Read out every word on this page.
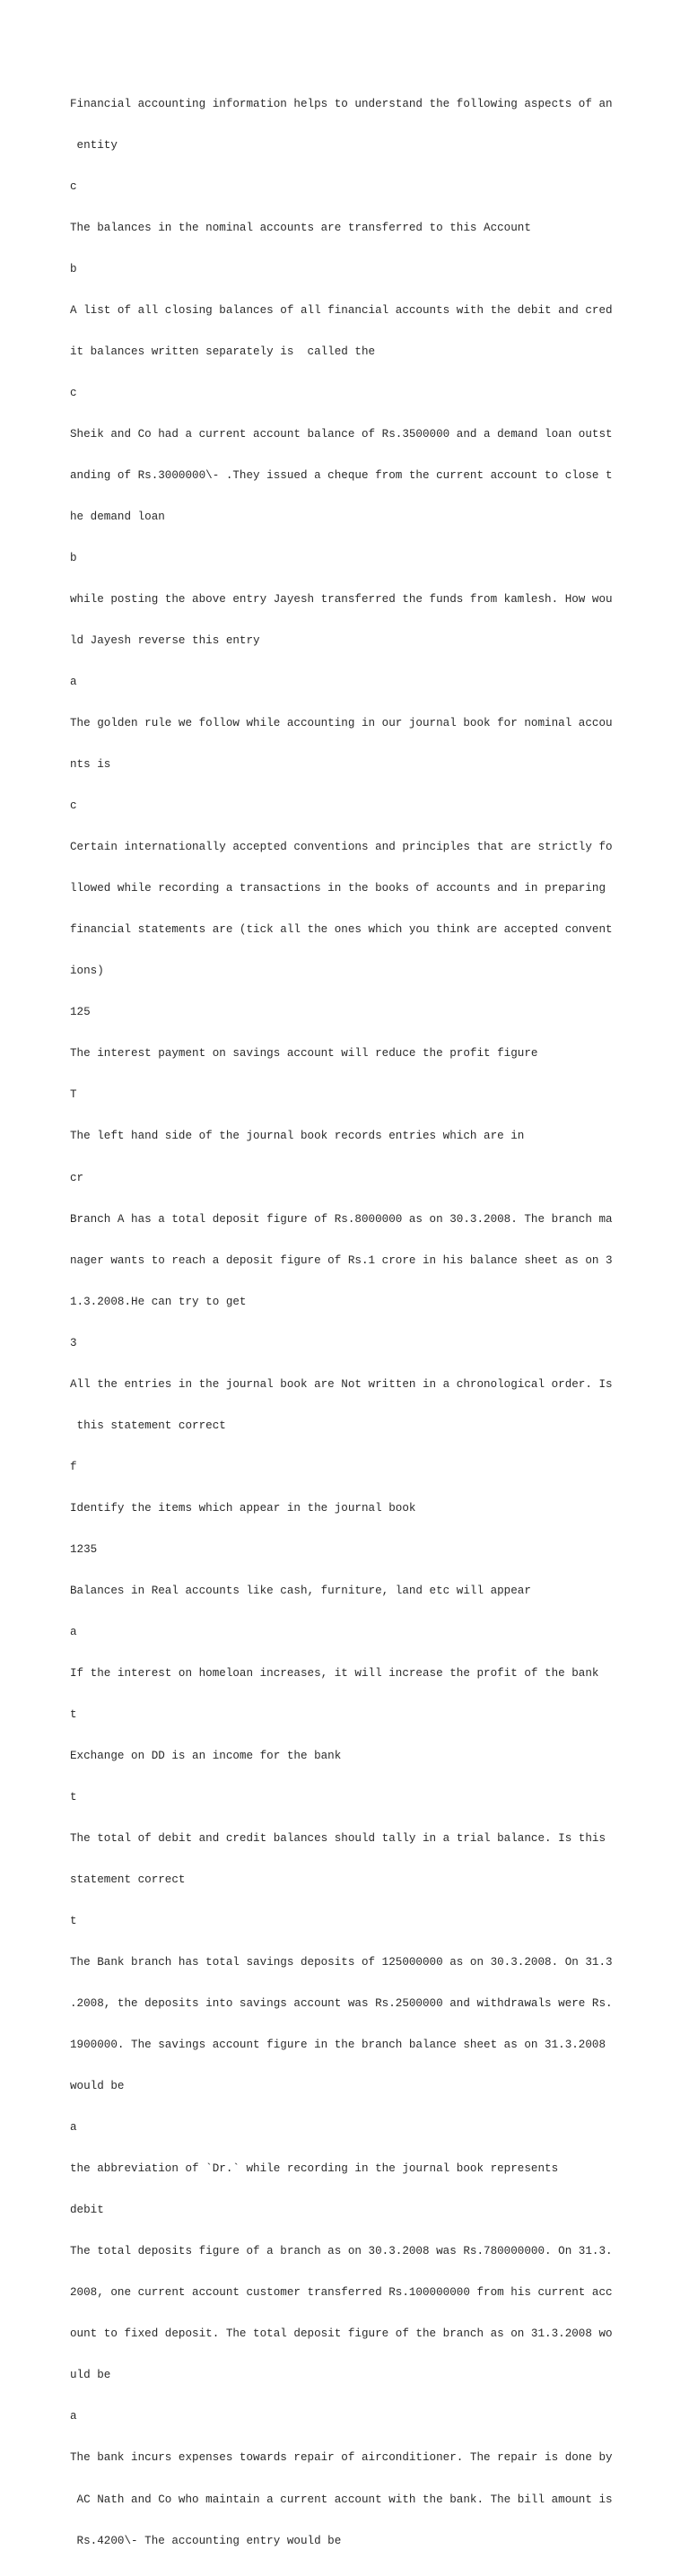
Financial accounting information helps to understand the following aspects of an

entity

c

The balances in the nominal accounts are transferred to this Account

b

A list of all closing balances of all financial accounts with the debit and cred

it balances written separately is  called the

c

Sheik and Co had a current account balance of Rs.3500000 and a demand loan outst

anding of Rs.3000000\- .They issued a cheque from the current account to close t

he demand loan

b

while posting the above entry Jayesh transferred the funds from kamlesh. How wou

ld Jayesh reverse this entry

a

The golden rule we follow while accounting in our journal book for nominal accou

nts is

c

Certain internationally accepted conventions and principles that are strictly fo

llowed while recording a transactions in the books of accounts and in preparing

financial statements are (tick all the ones which you think are accepted convent

ions)

125

The interest payment on savings account will reduce the profit figure

T

The left hand side of the journal book records entries which are in

cr

Branch A has a total deposit figure of Rs.8000000 as on 30.3.2008. The branch ma

nager wants to reach a deposit figure of Rs.1 crore in his balance sheet as on 3

1.3.2008.He can try to get

3

All the entries in the journal book are Not written in a chronological order. Is

this statement correct

f

Identify the items which appear in the journal book

1235

Balances in Real accounts like cash, furniture, land etc will appear

a

If the interest on homeloan increases, it will increase the profit of the bank

t

Exchange on DD is an income for the bank

t

The total of debit and credit balances should tally in a trial balance. Is this

statement correct

t

The Bank branch has total savings deposits of 125000000 as on 30.3.2008. On 31.3

.2008, the deposits into savings account was Rs.2500000 and withdrawals were Rs.

1900000. The savings account figure in the branch balance sheet as on 31.3.2008

would be

a

the abbreviation of `Dr.` while recording in the journal book represents

debit

The total deposits figure of a branch as on 30.3.2008 was Rs.780000000. On 31.3.

2008, one current account customer transferred Rs.100000000 from his current acc

ount to fixed deposit. The total deposit figure of the branch as on 31.3.2008 wo

uld be

a

The bank incurs expenses towards repair of airconditioner. The repair is done by

AC Nath and Co who maintain a current account with the bank. The bill amount is

Rs.4200\- The accounting entry would be
